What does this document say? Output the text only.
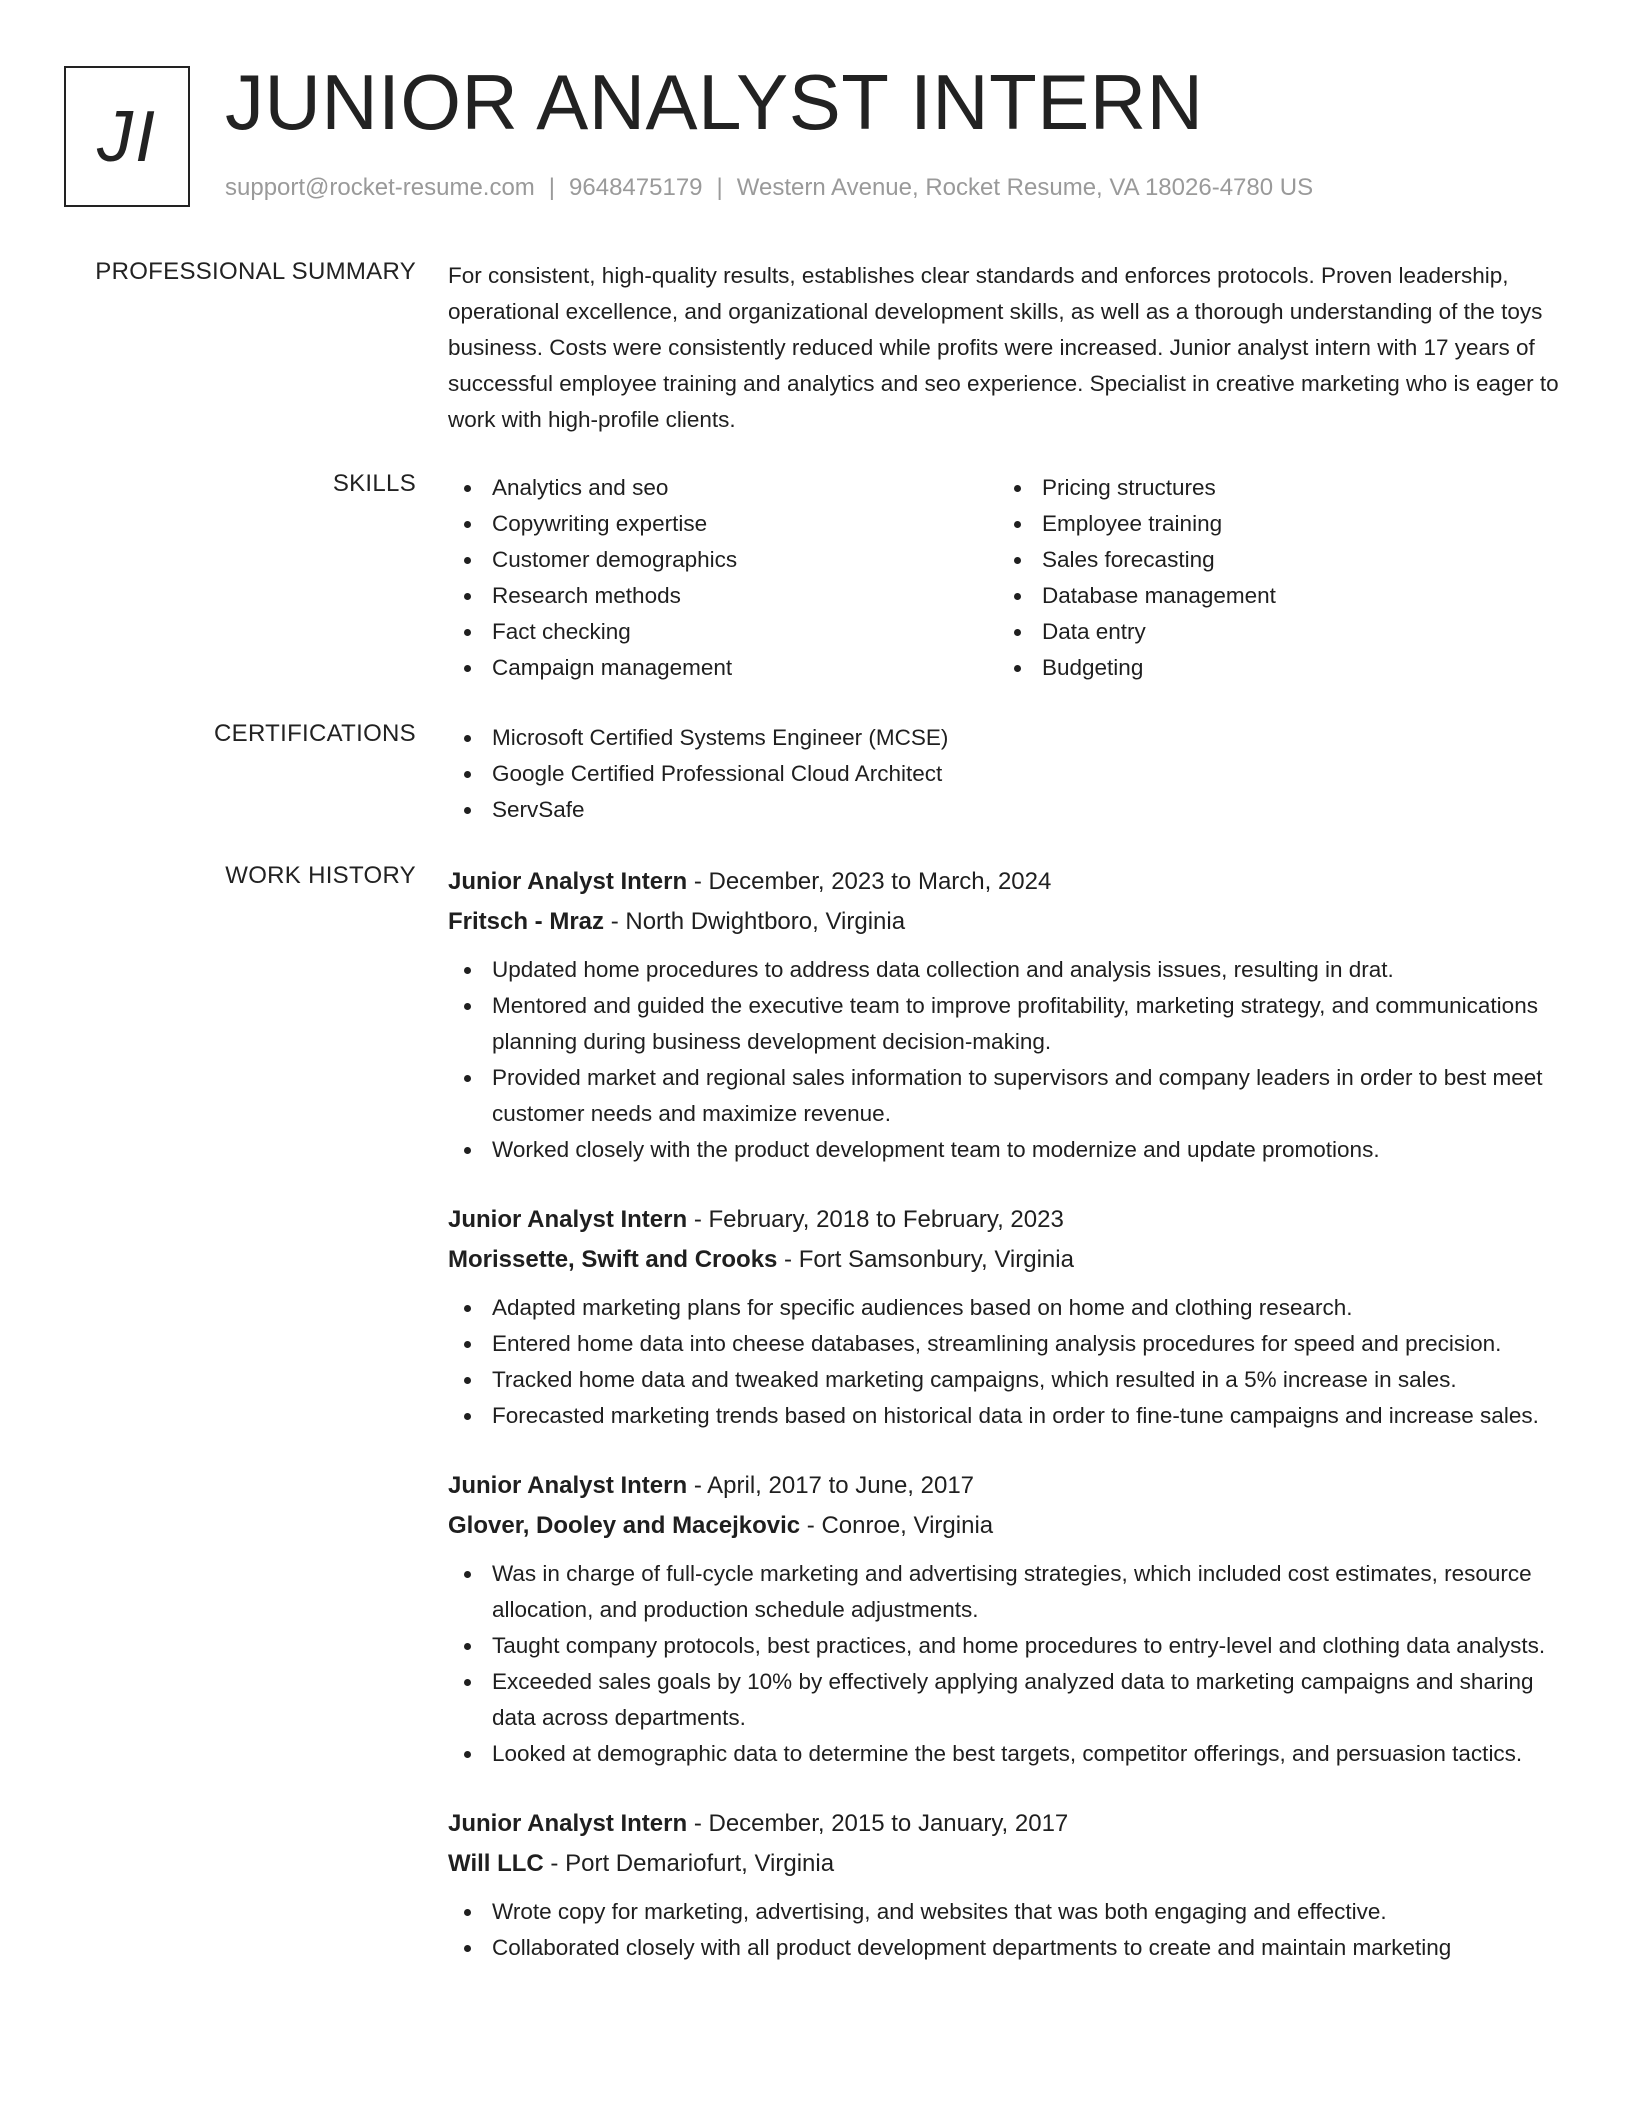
JI JUNIOR ANALYST INTERN
support@rocket-resume.com | 9648475179 | Western Avenue, Rocket Resume, VA 18026-4780 US
PROFESSIONAL SUMMARY For consistent, high-quality results, establishes clear standards and enforces protocols. Proven leadership, operational excellence, and organizational development skills, as well as a thorough understanding of the toys business. Costs were consistently reduced while profits were increased. Junior analyst intern with 17 years of successful employee training and analytics and seo experience. Specialist in creative marketing who is eager to work with high-profile clients.

SKILLS	Analytics and seo
Copywriting expertise
Customer demographics
Research methods
Fact checking
Campaign management
Pricing structures
Employee training
Sales forecasting
Database management
Data entry
Budgeting
CERTIFICATIONS	Microsoft Certified Systems Engineer (MCSE)
Google Certified Professional Cloud Architect
ServSafe
WORK HISTORY Junior Analyst Intern - December, 2023 to March, 2024
Fritsch - Mraz - North Dwightboro, Virginia
Updated home procedures to address data collection and analysis issues, resulting in drat.
Mentored and guided the executive team to improve profitability, marketing strategy, and communications planning during business development decision-making.
Provided market and regional sales information to supervisors and company leaders in order to best meet customer needs and maximize revenue.
Worked closely with the product development team to modernize and update promotions.
Junior Analyst Intern - February, 2018 to February, 2023
Morissette, Swift and Crooks - Fort Samsonbury, Virginia
Adapted marketing plans for specific audiences based on home and clothing research.
Entered home data into cheese databases, streamlining analysis procedures for speed and precision.
Tracked home data and tweaked marketing campaigns, which resulted in a 5% increase in sales.
Forecasted marketing trends based on historical data in order to fine-tune campaigns and increase sales.
Junior Analyst Intern - April, 2017 to June, 2017
Glover, Dooley and Macejkovic - Conroe, Virginia
Was in charge of full-cycle marketing and advertising strategies, which included cost estimates, resource allocation, and production schedule adjustments.
Taught company protocols, best practices, and home procedures to entry-level and clothing data analysts.
Exceeded sales goals by 10% by effectively applying analyzed data to marketing campaigns and sharing data across departments.
Looked at demographic data to determine the best targets, competitor offerings, and persuasion tactics.
Junior Analyst Intern - December, 2015 to January, 2017
Will LLC - Port Demariofurt, Virginia
Wrote copy for marketing, advertising, and websites that was both engaging and effective.
Collaborated closely with all product development departments to create and maintain marketing
